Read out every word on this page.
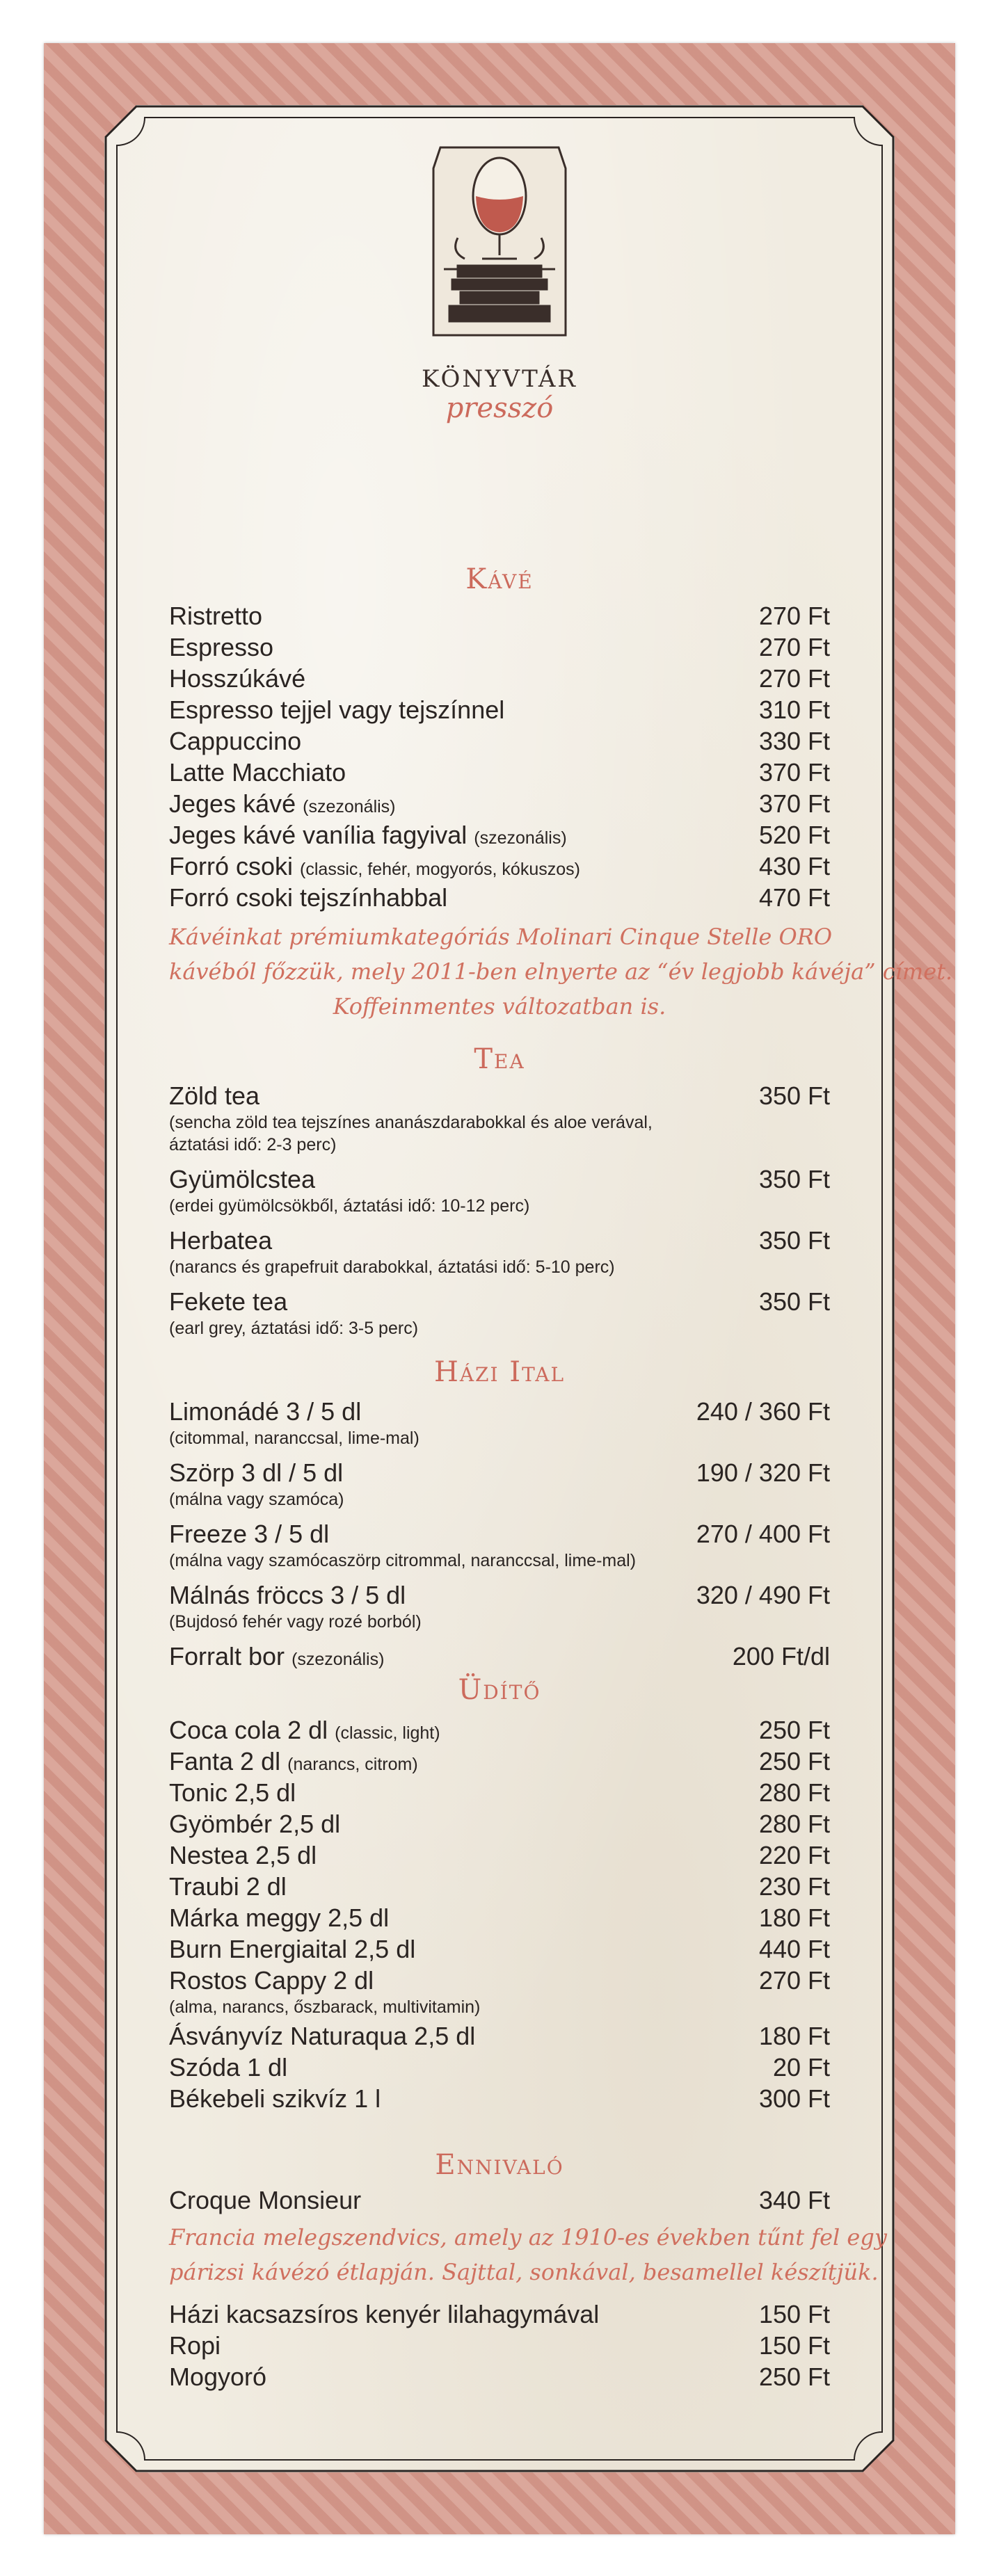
KÖNYVTÁR
presszó
Kávé
Ristretto	270 Ft
Espresso	270 Ft
Hosszúkávé	270 Ft
Espresso tejjel vagy tejszínnel	310 Ft
Cappuccino	330 Ft
Latte Macchiato	370 Ft
Jeges kávé (szezonális)	370 Ft
Jeges kávé vanília fagyival (szezonális)	520 Ft
Forró csoki (classic, fehér, mogyorós, kókuszos)	430 Ft
Forró csoki tejszínhabbal	470 Ft
Kávéinkat prémiumkategóriás Molinari Cinque Stelle ORO
kávéból főzzük, mely 2011-ben elnyerte az “év legjobb kávéja” címet.
Koffeinmentes változatban is.
Tea
Zöld tea	350 Ft
(sencha zöld tea tejszínes ananászdarabokkal és aloe verával,
áztatási idő: 2-3 perc)
Gyümölcstea	350 Ft
(erdei gyümölcsökből, áztatási idő: 10-12 perc)
Herbatea	350 Ft
(narancs és grapefruit darabokkal, áztatási idő: 5-10 perc)
Fekete tea	350 Ft
(earl grey, áztatási idő: 3-5 perc)
Házi Ital
Limonádé 3 / 5 dl	240 / 360 Ft
(citommal, naranccsal, lime-mal)
Szörp 3 dl / 5 dl	190 / 320 Ft
(málna vagy szamóca)
Freeze 3 / 5 dl	270 / 400 Ft
(málna vagy szamócaszörp citrommal, naranccsal, lime-mal)
Málnás fröccs 3 / 5 dl	320 / 490 Ft
(Bujdosó fehér vagy rozé borból)
Forralt bor (szezonális)	200 Ft/dl
Üdítő
Coca cola 2 dl (classic, light)	250 Ft
Fanta 2 dl (narancs, citrom)	250 Ft
Tonic 2,5 dl	280 Ft
Gyömbér 2,5 dl	280 Ft
Nestea 2,5 dl	220 Ft
Traubi 2 dl	230 Ft
Márka meggy 2,5 dl	180 Ft
Burn Energiaital 2,5 dl	440 Ft
Rostos Cappy 2 dl	270 Ft
(alma, narancs, őszbarack, multivitamin)
Ásványvíz Naturaqua 2,5 dl	180 Ft
Szóda 1 dl	20 Ft
Békebeli szikvíz 1 l	300 Ft
Ennivaló
Croque Monsieur	340 Ft
Francia melegszendvics, amely az 1910-es években tűnt fel egy
párizsi kávézó étlapján. Sajttal, sonkával, besamellel készítjük.
Házi kacsazsíros kenyér lilahagymával	150 Ft
Ropi	150 Ft
Mogyoró	250 Ft
